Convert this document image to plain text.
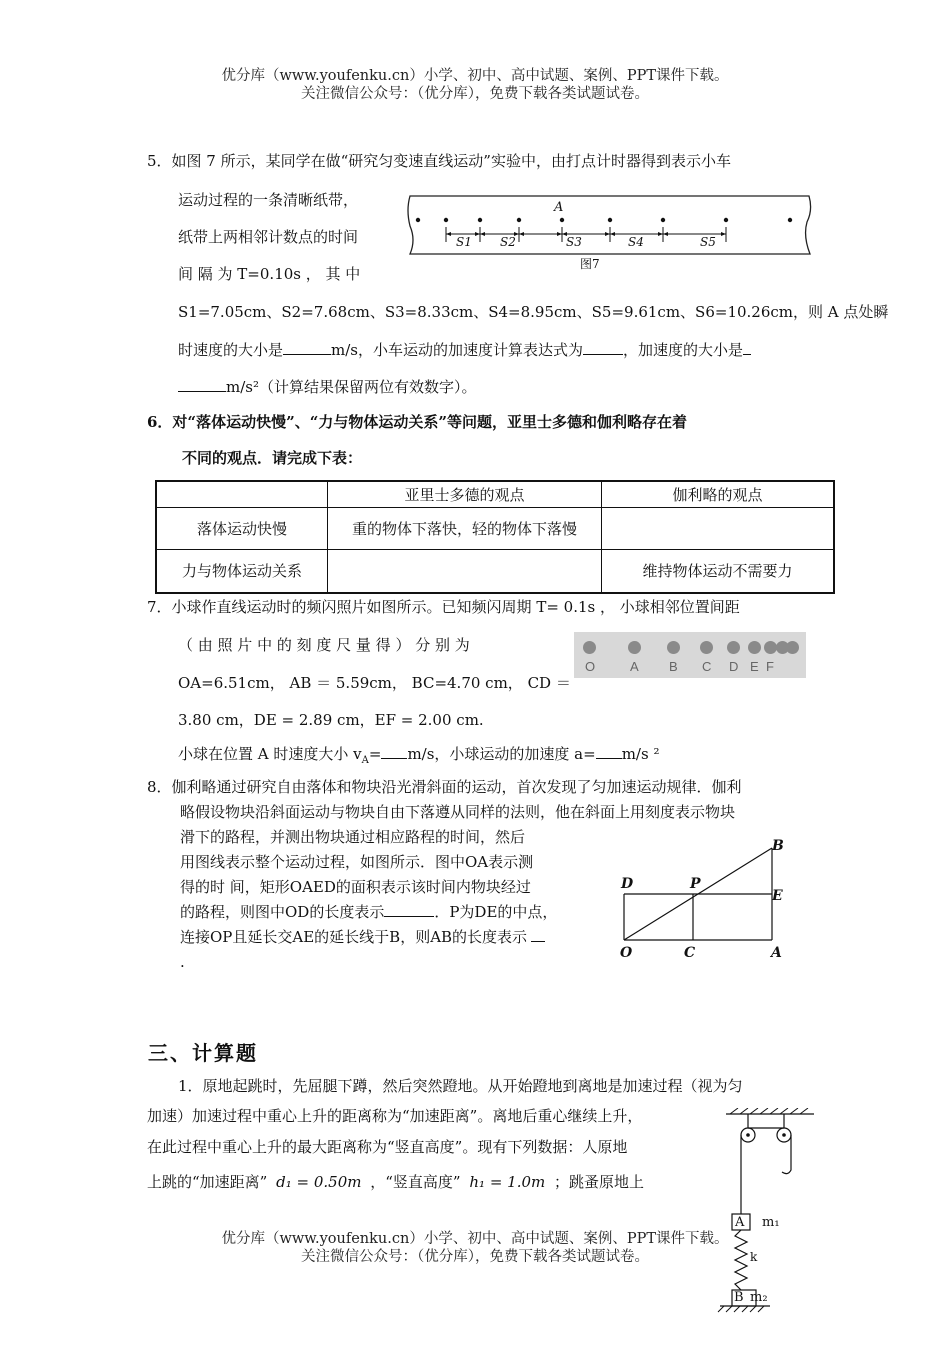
优分库（www.youfenku.cn）小学、初中、高中试题、案例、PPT课件下载。
关注微信公众号：（优分库），免费下载各类试题试卷。
5．如图 7 所示，某同学在做“研究匀变速直线运动”实验中，由打点计时器得到表示小车
运动过程的一条清晰纸带，
纸带上两相邻计数点的时间
间 隔 为 T=0.10s ， 其 中
A
S1 S2	S3	S4	S5
图7
S1=7.05cm、S2=7.68cm、S3=8.33cm、S4=8.95cm、S5=9.61cm、S6=10.26cm，则 A 点处瞬
时速度的大小是	m/s，小车运动的加速度计算表达式为	，加速度的大小是
m/s²（计算结果保留两位有效数字）。
6．对“落体运动快慢”、“力与物体运动关系”等问题，亚里士多德和伽利略存在着
不同的观点．请完成下表：
	亚里士多德的观点	伽利略的观点
落体运动快慢	重的物体下落快，轻的物体下落慢	
力与物体运动关系		维持物体运动不需要力
7．小球作直线运动时的频闪照片如图所示。已知频闪周期 T= 0.1s ， 小球相邻位置间距
（ 由 照 片 中 的 刻 度 尺 量 得 ） 分 别 为
OA=6.51cm， AB ＝ 5.59cm， BC=4.70 cm， CD ＝
3.80 cm，DE = 2.89 cm，EF = 2.00 cm.
小球在位置 A 时速度大小 $v_A= m/s$，小球运动的加速度 a= m/s ²
O	A B C D E F
8．伽利略通过研究自由落体和物块沿光滑斜面的运动，首次发现了匀加速运动规律．伽利
略假设物块沿斜面运动与物块自由下落遵从同样的法则，他在斜面上用刻度表示物块
滑下的路程，并测出物块通过相应路程的时间，然后
用图线表示整个运动过程，如图所示．图中OA表示测
得的时 间，矩形OAED的面积表示该时间内物块经过
的路程，则图中OD的长度表示	．P为DE的中点，
连接OP且延长交AE的延长线于B，则AB的长度表示
.
B
D	P
E
O	C	A
三、计算题
1．原地起跳时，先屈腿下蹲，然后突然蹬地。从开始蹬地到离地是加速过程（视为匀
加速）加速过程中重心上升的距离称为“加速距离”。离地后重心继续上升，
在此过程中重心上升的最大距离称为“竖直高度”。现有下列数据：人原地
上跳的“加速距离” d₁ = 0.50m ，“竖直高度” h₁ = 1.0m ；跳蚤原地上
A m₁
k
B m₂
优分库（www.youfenku.cn）小学、初中、高中试题、案例、PPT课件下载。
关注微信公众号：（优分库），免费下载各类试题试卷。
